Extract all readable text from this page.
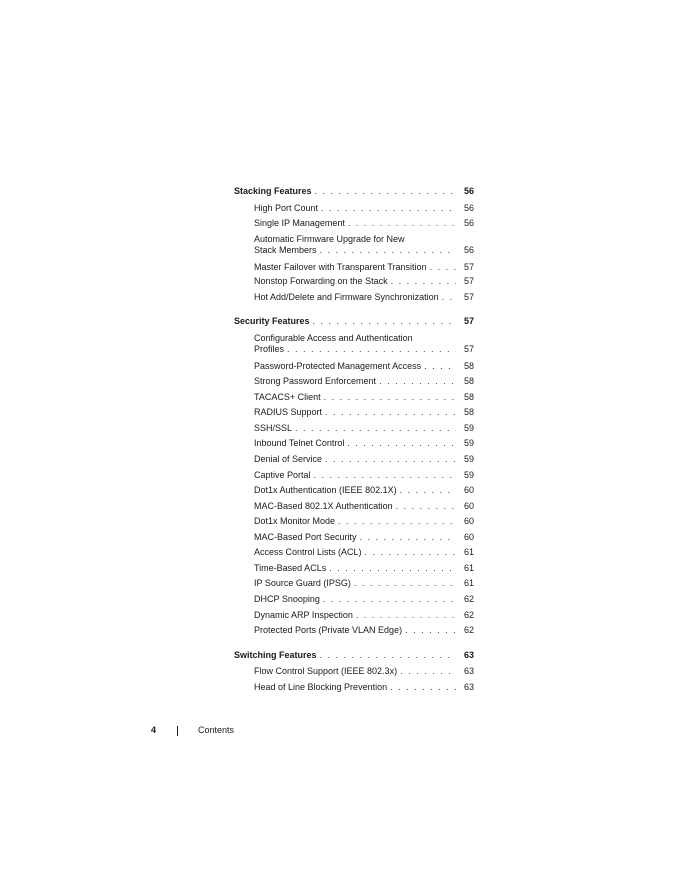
Stacking Features . . .	56
High Port Count . . .	56
Single IP Management . . .	56
Automatic Firmware Upgrade for New
Stack Members . . .	56
Master Failover with Transparent Transition . . .	57
Nonstop Forwarding on the Stack . . .	57
Hot Add/Delete and Firmware Synchronization . . .	57
Security Features . . .	57
Configurable Access and Authentication
Profiles . . .	57
Password-Protected Management Access . . .	58
Strong Password Enforcement . . .	58
TACACS+ Client . . .	58
RADIUS Support . . .	58
SSH/SSL . . .	59
Inbound Telnet Control . . .	59
Denial of Service . . .	59
Captive Portal . . .	59
Dot1x Authentication (IEEE 802.1X) . . .	60
MAC-Based 802.1X Authentication . . .	60
Dot1x Monitor Mode . . .	60
MAC-Based Port Security . . .	60
Access Control Lists (ACL) . . .	61
Time-Based ACLs . . .	61
IP Source Guard (IPSG) . . .	61
DHCP Snooping . . .	62
Dynamic ARP Inspection . . .	62
Protected Ports (Private VLAN Edge) . . .	62
Switching Features . . .	63
Flow Control Support (IEEE 802.3x) . . .	63
Head of Line Blocking Prevention . . .	63
4	Contents
